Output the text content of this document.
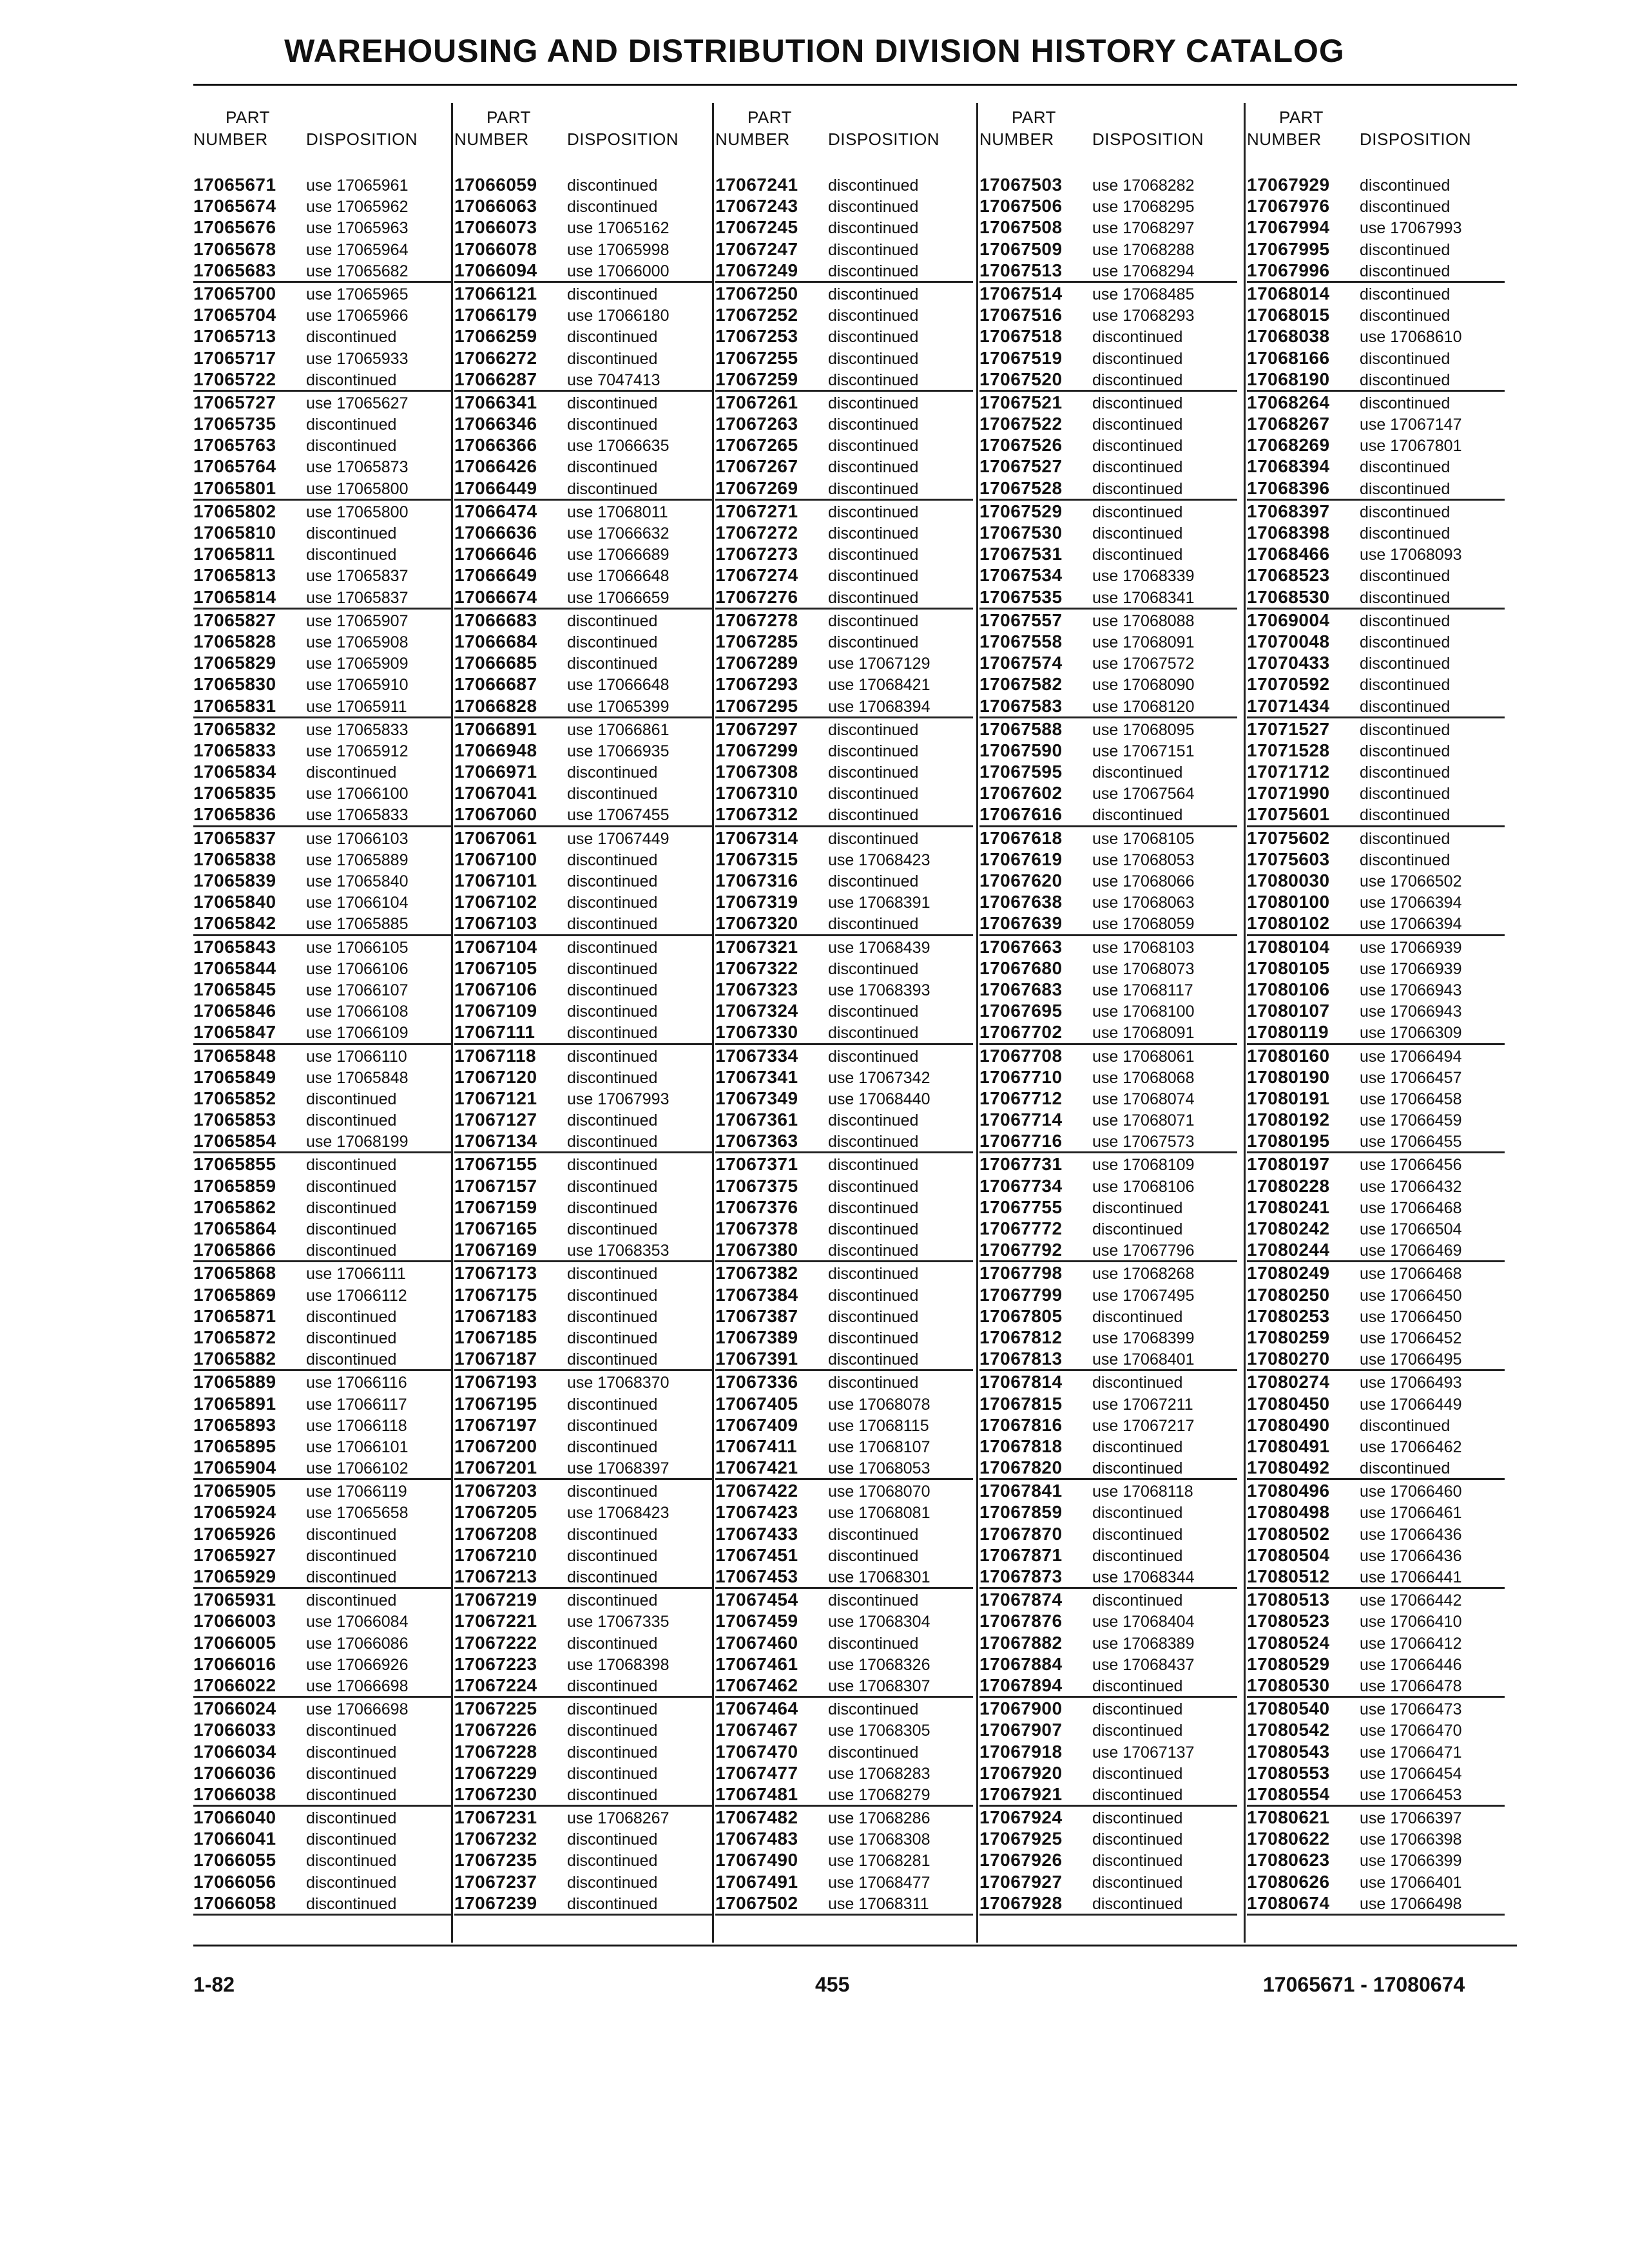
WAREHOUSING AND DISTRIBUTION DIVISION HISTORY CATALOG
PART
NUMBER	DISPOSITION
PART
NUMBER	DISPOSITION
PART
NUMBER	DISPOSITION
PART
NUMBER	DISPOSITION
PART
NUMBER	DISPOSITION
17065671 use 17065961
17065674 use 17065962
17065676 use 17065963
17065678 use 17065964
17065683 use 17065682
17065700 use 17065965
17065704 use 17065966
17065713 discontinued
17065717 use 17065933
17065722 discontinued
17065727 use 17065627
17065735 discontinued
17065763 discontinued
17065764 use 17065873
17065801 use 17065800
17065802 use 17065800
17065810 discontinued
17065811 discontinued
17065813 use 17065837
17065814 use 17065837
17065827 use 17065907
17065828 use 17065908
17065829 use 17065909
17065830 use 17065910
17065831 use 17065911
17065832 use 17065833
17065833 use 17065912
17065834 discontinued
17065835 use 17066100
17065836 use 17065833
17065837 use 17066103
17065838 use 17065889
17065839 use 17065840
17065840 use 17066104
17065842 use 17065885
17065843 use 17066105
17065844 use 17066106
17065845 use 17066107
17065846 use 17066108
17065847 use 17066109
17065848 use 17066110
17065849 use 17065848
17065852 discontinued
17065853 discontinued
17065854 use 17068199
17065855 discontinued
17065859 discontinued
17065862 discontinued
17065864 discontinued
17065866 discontinued
17065868 use 17066111
17065869 use 17066112
17065871 discontinued
17065872 discontinued
17065882 discontinued
17065889 use 17066116
17065891 use 17066117
17065893 use 17066118
17065895 use 17066101
17065904 use 17066102
17065905 use 17066119
17065924 use 17065658
17065926 discontinued
17065927 discontinued
17065929 discontinued
17065931 discontinued
17066003 use 17066084
17066005 use 17066086
17066016 use 17066926
17066022 use 17066698
17066024 use 17066698
17066033 discontinued
17066034 discontinued
17066036 discontinued
17066038 discontinued
17066040 discontinued
17066041 discontinued
17066055 discontinued
17066056 discontinued
17066058 discontinued
17066059 discontinued
17066063 discontinued
17066073 use 17065162
17066078 use 17065998
17066094 use 17066000
17066121 discontinued
17066179 use 17066180
17066259 discontinued
17066272 discontinued
17066287 use 7047413
17066341 discontinued
17066346 discontinued
17066366 use 17066635
17066426 discontinued
17066449 discontinued
17066474 use 17068011
17066636 use 17066632
17066646 use 17066689
17066649 use 17066648
17066674 use 17066659
17066683 discontinued
17066684 discontinued
17066685 discontinued
17066687 use 17066648
17066828 use 17065399
17066891 use 17066861
17066948 use 17066935
17066971 discontinued
17067041 discontinued
17067060 use 17067455
17067061 use 17067449
17067100 discontinued
17067101 discontinued
17067102 discontinued
17067103 discontinued
17067104 discontinued
17067105 discontinued
17067106 discontinued
17067109 discontinued
17067111 discontinued
17067118 discontinued
17067120 discontinued
17067121 use 17067993
17067127 discontinued
17067134 discontinued
17067155 discontinued
17067157 discontinued
17067159 discontinued
17067165 discontinued
17067169 use 17068353
17067173 discontinued
17067175 discontinued
17067183 discontinued
17067185 discontinued
17067187 discontinued
17067193 use 17068370
17067195 discontinued
17067197 discontinued
17067200 discontinued
17067201 use 17068397
17067203 discontinued
17067205 use 17068423
17067208 discontinued
17067210 discontinued
17067213 discontinued
17067219 discontinued
17067221 use 17067335
17067222 discontinued
17067223 use 17068398
17067224 discontinued
17067225 discontinued
17067226 discontinued
17067228 discontinued
17067229 discontinued
17067230 discontinued
17067231 use 17068267
17067232 discontinued
17067235 discontinued
17067237 discontinued
17067239 discontinued
17067241 discontinued
17067243 discontinued
17067245 discontinued
17067247 discontinued
17067249 discontinued
17067250 discontinued
17067252 discontinued
17067253 discontinued
17067255 discontinued
17067259 discontinued
17067261 discontinued
17067263 discontinued
17067265 discontinued
17067267 discontinued
17067269 discontinued
17067271 discontinued
17067272 discontinued
17067273 discontinued
17067274 discontinued
17067276 discontinued
17067278 discontinued
17067285 discontinued
17067289 use 17067129
17067293 use 17068421
17067295 use 17068394
17067297 discontinued
17067299 discontinued
17067308 discontinued
17067310 discontinued
17067312 discontinued
17067314 discontinued
17067315 use 17068423
17067316 discontinued
17067319 use 17068391
17067320 discontinued
17067321 use 17068439
17067322 discontinued
17067323 use 17068393
17067324 discontinued
17067330 discontinued
17067334 discontinued
17067341 use 17067342
17067349 use 17068440
17067361 discontinued
17067363 discontinued
17067371 discontinued
17067375 discontinued
17067376 discontinued
17067378 discontinued
17067380 discontinued
17067382 discontinued
17067384 discontinued
17067387 discontinued
17067389 discontinued
17067391 discontinued
17067336 discontinued
17067405 use 17068078
17067409 use 17068115
17067411 use 17068107
17067421 use 17068053
17067422 use 17068070
17067423 use 17068081
17067433 discontinued
17067451 discontinued
17067453 use 17068301
17067454 discontinued
17067459 use 17068304
17067460 discontinued
17067461 use 17068326
17067462 use 17068307
17067464 discontinued
17067467 use 17068305
17067470 discontinued
17067477 use 17068283
17067481 use 17068279
17067482 use 17068286
17067483 use 17068308
17067490 use 17068281
17067491 use 17068477
17067502 use 17068311
17067503 use 17068282
17067506 use 17068295
17067508 use 17068297
17067509 use 17068288
17067513 use 17068294
17067514 use 17068485
17067516 use 17068293
17067518 discontinued
17067519 discontinued
17067520 discontinued
17067521 discontinued
17067522 discontinued
17067526 discontinued
17067527 discontinued
17067528 discontinued
17067529 discontinued
17067530 discontinued
17067531 discontinued
17067534 use 17068339
17067535 use 17068341
17067557 use 17068088
17067558 use 17068091
17067574 use 17067572
17067582 use 17068090
17067583 use 17068120
17067588 use 17068095
17067590 use 17067151
17067595 discontinued
17067602 use 17067564
17067616 discontinued
17067618 use 17068105
17067619 use 17068053
17067620 use 17068066
17067638 use 17068063
17067639 use 17068059
17067663 use 17068103
17067680 use 17068073
17067683 use 17068117
17067695 use 17068100
17067702 use 17068091
17067708 use 17068061
17067710 use 17068068
17067712 use 17068074
17067714 use 17068071
17067716 use 17067573
17067731 use 17068109
17067734 use 17068106
17067755 discontinued
17067772 discontinued
17067792 use 17067796
17067798 use 17068268
17067799 use 17067495
17067805 discontinued
17067812 use 17068399
17067813 use 17068401
17067814 discontinued
17067815 use 17067211
17067816 use 17067217
17067818 discontinued
17067820 discontinued
17067841 use 17068118
17067859 discontinued
17067870 discontinued
17067871 discontinued
17067873 use 17068344
17067874 discontinued
17067876 use 17068404
17067882 use 17068389
17067884 use 17068437
17067894 discontinued
17067900 discontinued
17067907 discontinued
17067918 use 17067137
17067920 discontinued
17067921 discontinued
17067924 discontinued
17067925 discontinued
17067926 discontinued
17067927 discontinued
17067928 discontinued
17067929 discontinued
17067976 discontinued
17067994 use 17067993
17067995 discontinued
17067996 discontinued
17068014 discontinued
17068015 discontinued
17068038 use 17068610
17068166 discontinued
17068190 discontinued
17068264 discontinued
17068267 use 17067147
17068269 use 17067801
17068394 discontinued
17068396 discontinued
17068397 discontinued
17068398 discontinued
17068466 use 17068093
17068523 discontinued
17068530 discontinued
17069004 discontinued
17070048 discontinued
17070433 discontinued
17070592 discontinued
17071434 discontinued
17071527 discontinued
17071528 discontinued
17071712 discontinued
17071990 discontinued
17075601 discontinued
17075602 discontinued
17075603 discontinued
17080030 use 17066502
17080100 use 17066394
17080102 use 17066394
17080104 use 17066939
17080105 use 17066939
17080106 use 17066943
17080107 use 17066943
17080119 use 17066309
17080160 use 17066494
17080190 use 17066457
17080191 use 17066458
17080192 use 17066459
17080195 use 17066455
17080197 use 17066456
17080228 use 17066432
17080241 use 17066468
17080242 use 17066504
17080244 use 17066469
17080249 use 17066468
17080250 use 17066450
17080253 use 17066450
17080259 use 17066452
17080270 use 17066495
17080274 use 17066493
17080450 use 17066449
17080490 discontinued
17080491 use 17066462
17080492 discontinued
17080496 use 17066460
17080498 use 17066461
17080502 use 17066436
17080504 use 17066436
17080512 use 17066441
17080513 use 17066442
17080523 use 17066410
17080524 use 17066412
17080529 use 17066446
17080530 use 17066478
17080540 use 17066473
17080542 use 17066470
17080543 use 17066471
17080553 use 17066454
17080554 use 17066453
17080621 use 17066397
17080622 use 17066398
17080623 use 17066399
17080626 use 17066401
17080674 use 17066498
1-82	455	17065671 - 17080674
